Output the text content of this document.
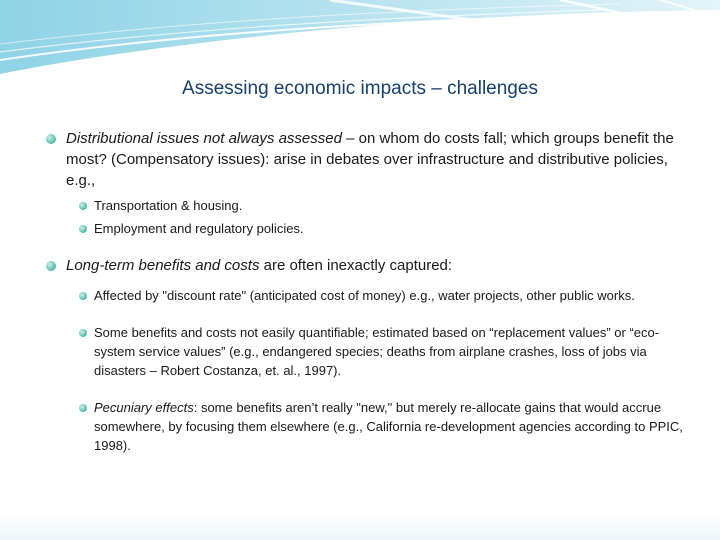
Assessing economic impacts – challenges
Distributional issues not always assessed – on whom do costs fall; which groups benefit the most? (Compensatory issues): arise in debates over infrastructure and distributive policies, e.g.,
Transportation & housing.
Employment and regulatory policies.
Long-term benefits and costs are often inexactly captured:
Affected by "discount rate" (anticipated cost of money) e.g., water projects, other public works.
Some benefits and costs not easily quantifiable; estimated based on “replacement values” or “eco-system service values” (e.g., endangered species; deaths from airplane crashes, loss of jobs via disasters – Robert Costanza, et. al., 1997).
Pecuniary effects: some benefits aren’t really "new," but merely re-allocate gains that would accrue somewhere, by focusing them elsewhere (e.g., California re-development agencies according to PPIC, 1998).
